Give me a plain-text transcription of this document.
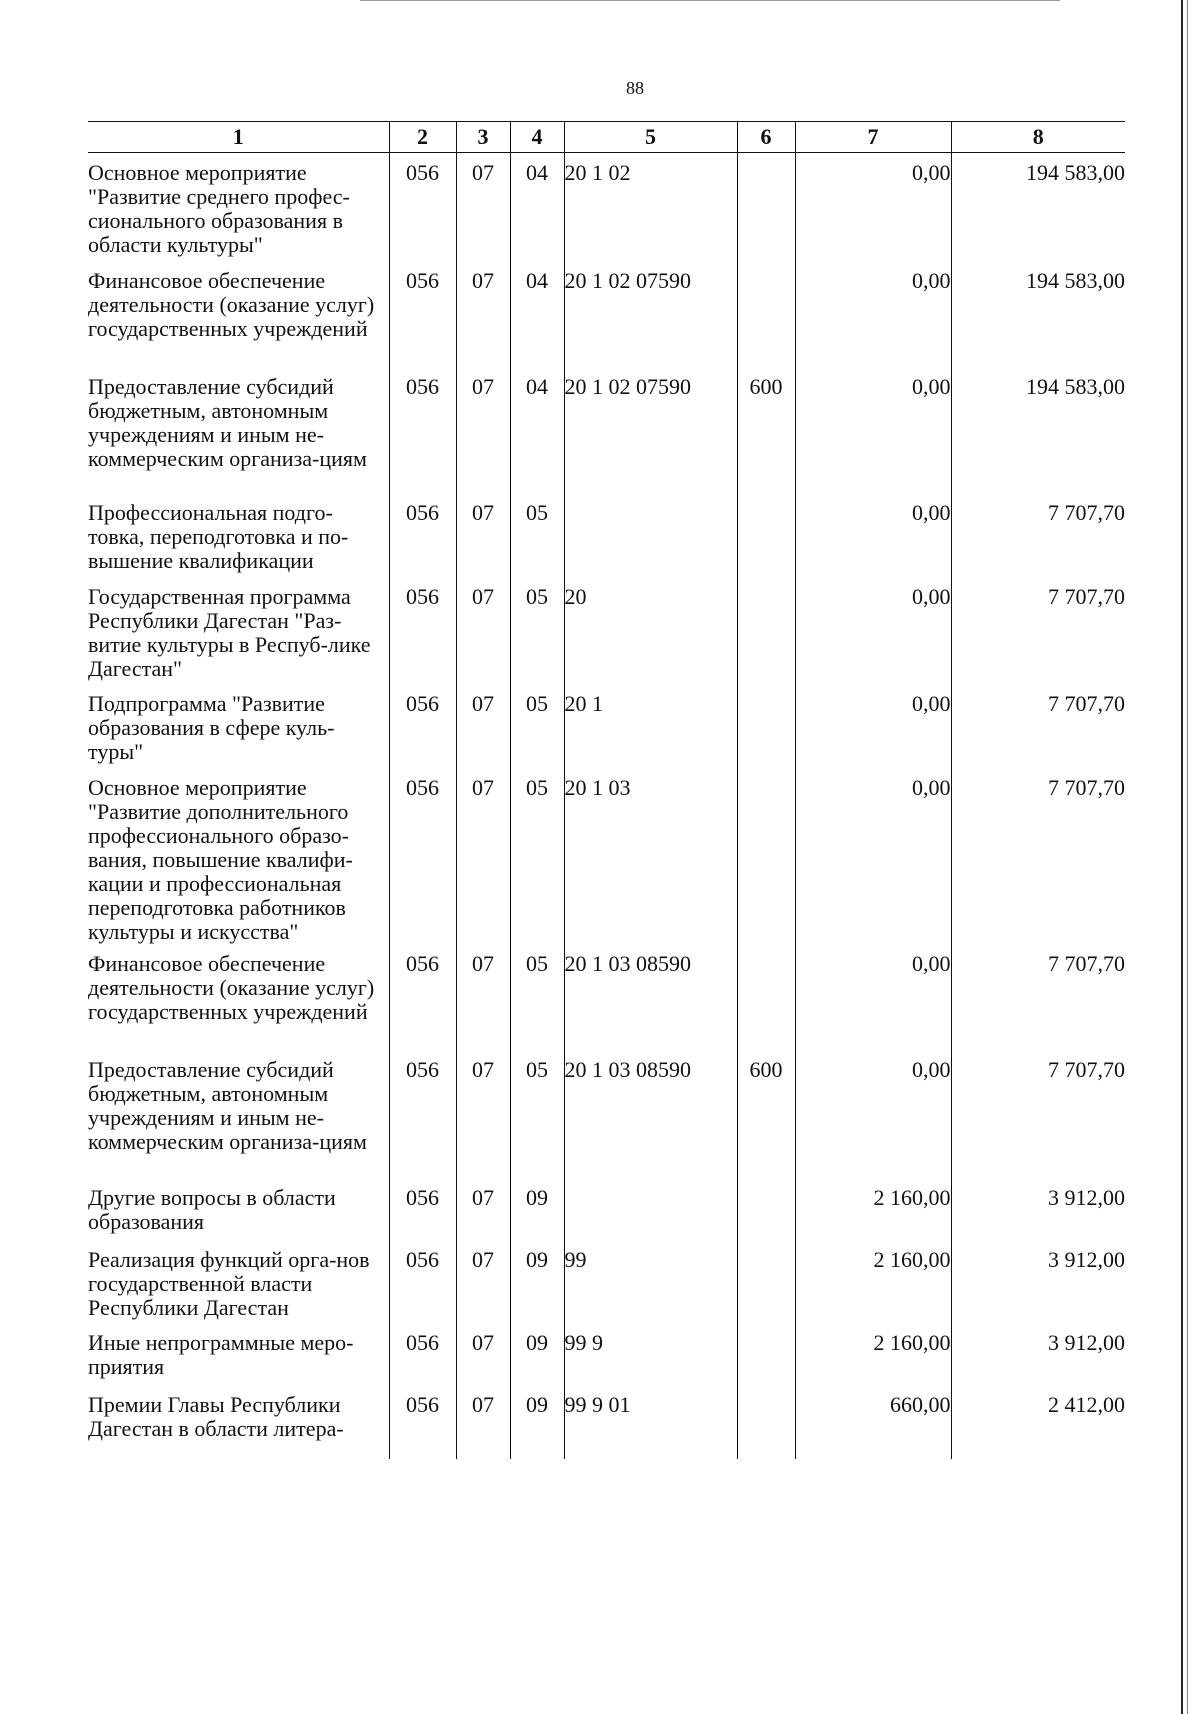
88
1	2	3	4	5	6	7	8
Основное мероприятие "Развитие среднего профес-сионального образования в области культуры"	056	07	04	20 1 02		0,00	194 583,00
Финансовое обеспечение деятельности (оказание услуг) государственных учреждений	056	07	04	20 1 02 07590		0,00	194 583,00
Предоставление субсидий бюджетным, автономным учреждениям и иным не-коммерческим организа-циям	056	07	04	20 1 02 07590	600	0,00	194 583,00
Профессиональная подго-товка, переподготовка и по-вышение квалификации	056	07	05			0,00	7 707,70
Государственная программа Республики Дагестан "Раз-витие культуры в Респуб-лике Дагестан"	056	07	05	20		0,00	7 707,70
Подпрограмма "Развитие образования в сфере куль-туры"	056	07	05	20 1		0,00	7 707,70
Основное мероприятие "Развитие дополнительного профессионального образо-вания, повышение квалифи-кации и профессиональная переподготовка работников культуры и искусства"	056	07	05	20 1 03		0,00	7 707,70
Финансовое обеспечение деятельности (оказание услуг) государственных учреждений	056	07	05	20 1 03 08590		0,00	7 707,70
Предоставление субсидий бюджетным, автономным учреждениям и иным не-коммерческим организа-циям	056	07	05	20 1 03 08590	600	0,00	7 707,70
Другие вопросы в области образования	056	07	09			2 160,00	3 912,00
Реализация функций орга-нов государственной власти Республики Дагестан	056	07	09	99		2 160,00	3 912,00
Иные непрограммные меро-приятия	056	07	09	99 9		2 160,00	3 912,00
Премии Главы Республики Дагестан в области литера-	056	07	09	99 9 01		660,00	2 412,00
